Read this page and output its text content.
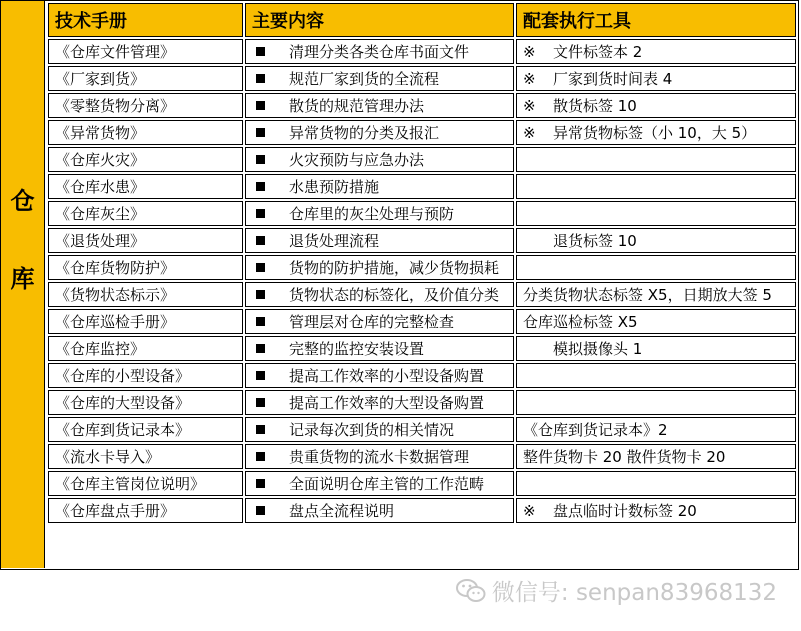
仓
库
技术手册	主要内容	配套执行工具
《仓库文件管理》	清理分类各类仓库书面文件	※ 文件标签本 2
《厂家到货》	规范厂家到货的全流程	※ 厂家到货时间表 4
《零整货物分离》	散货的规范管理办法	※ 散货标签 10
《异常货物》	异常货物的分类及报汇	※ 异常货物标签（小 10，大 5）
《仓库火灾》	火灾预防与应急办法	
《仓库水患》	水患预防措施	
《仓库灰尘》	仓库里的灰尘处理与预防	
《退货处理》	退货处理流程	退货标签 10
《仓库货物防护》	货物的防护措施，减少货物损耗	
《货物状态标示》	货物状态的标签化，及价值分类	分类货物状态标签 X5，日期放大签 5
《仓库巡检手册》	管理层对仓库的完整检查	仓库巡检标签 X5
《仓库监控》	完整的监控安装设置	模拟摄像头 1
《仓库的小型设备》	提高工作效率的小型设备购置	
《仓库的大型设备》	提高工作效率的大型设备购置	
《仓库到货记录本》	记录每次到货的相关情况	《仓库到货记录本》2
《流水卡导入》	贵重货物的流水卡数据管理	整件货物卡 20 散件货物卡 20
《仓库主管岗位说明》	全面说明仓库主管的工作范畴	
《仓库盘点手册》	盘点全流程说明	※ 盘点临时计数标签 20
微信号: senpan83968132
